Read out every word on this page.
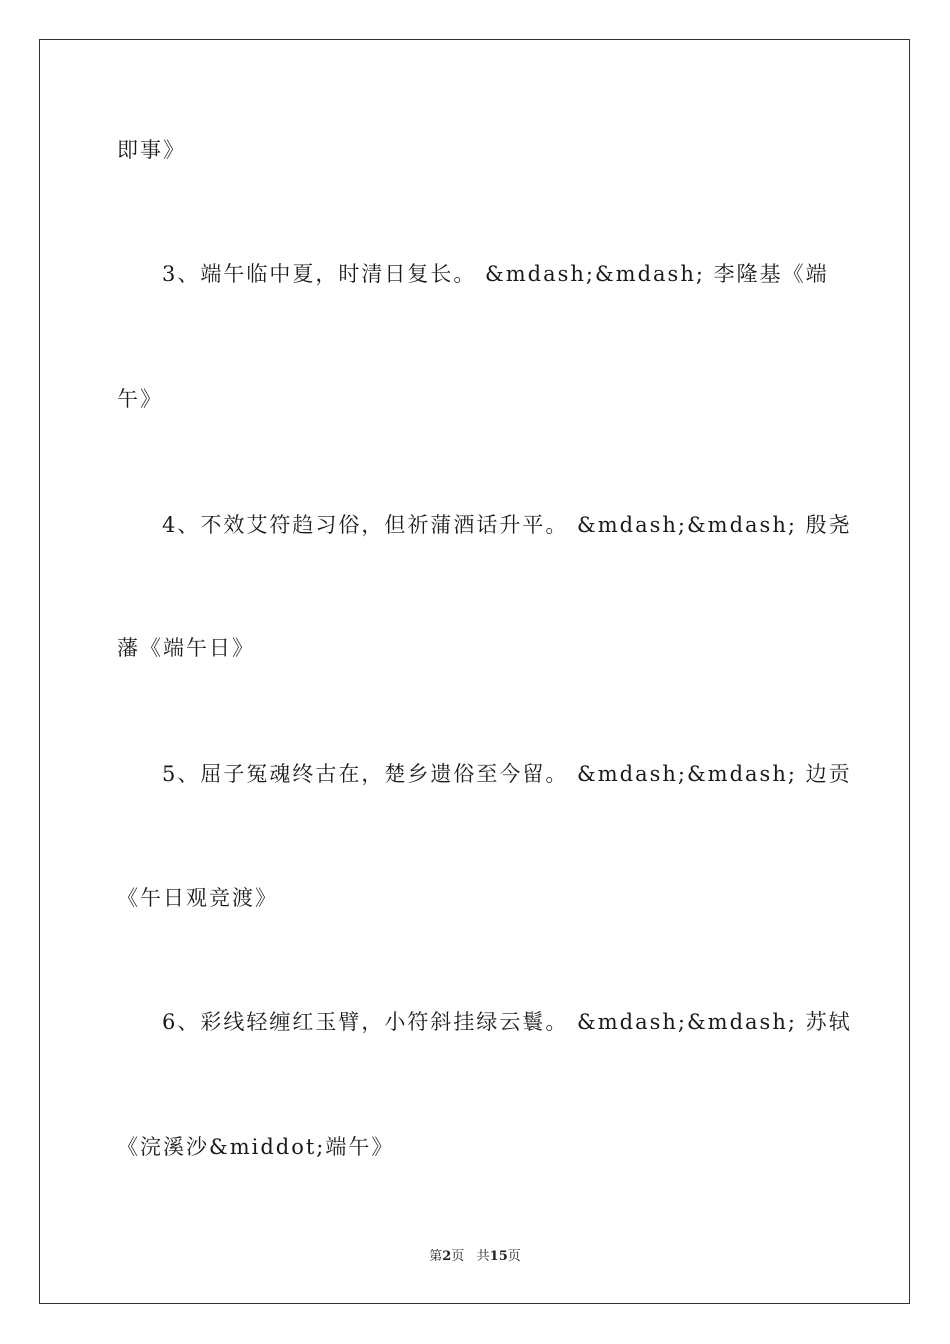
即事》
3、端午临中夏，时清日复长。 &mdash;&mdash; 李隆基《端
午》
4、不效艾符趋习俗，但祈蒲酒话升平。 &mdash;&mdash; 殷尧
藩《端午日》
5、屈子冤魂终古在，楚乡遗俗至今留。 &mdash;&mdash; 边贡
《午日观竞渡》
6、彩线轻缠红玉臂，小符斜挂绿云鬟。 &mdash;&mdash; 苏轼
《浣溪沙&middot;端午》
第2页   共15页
